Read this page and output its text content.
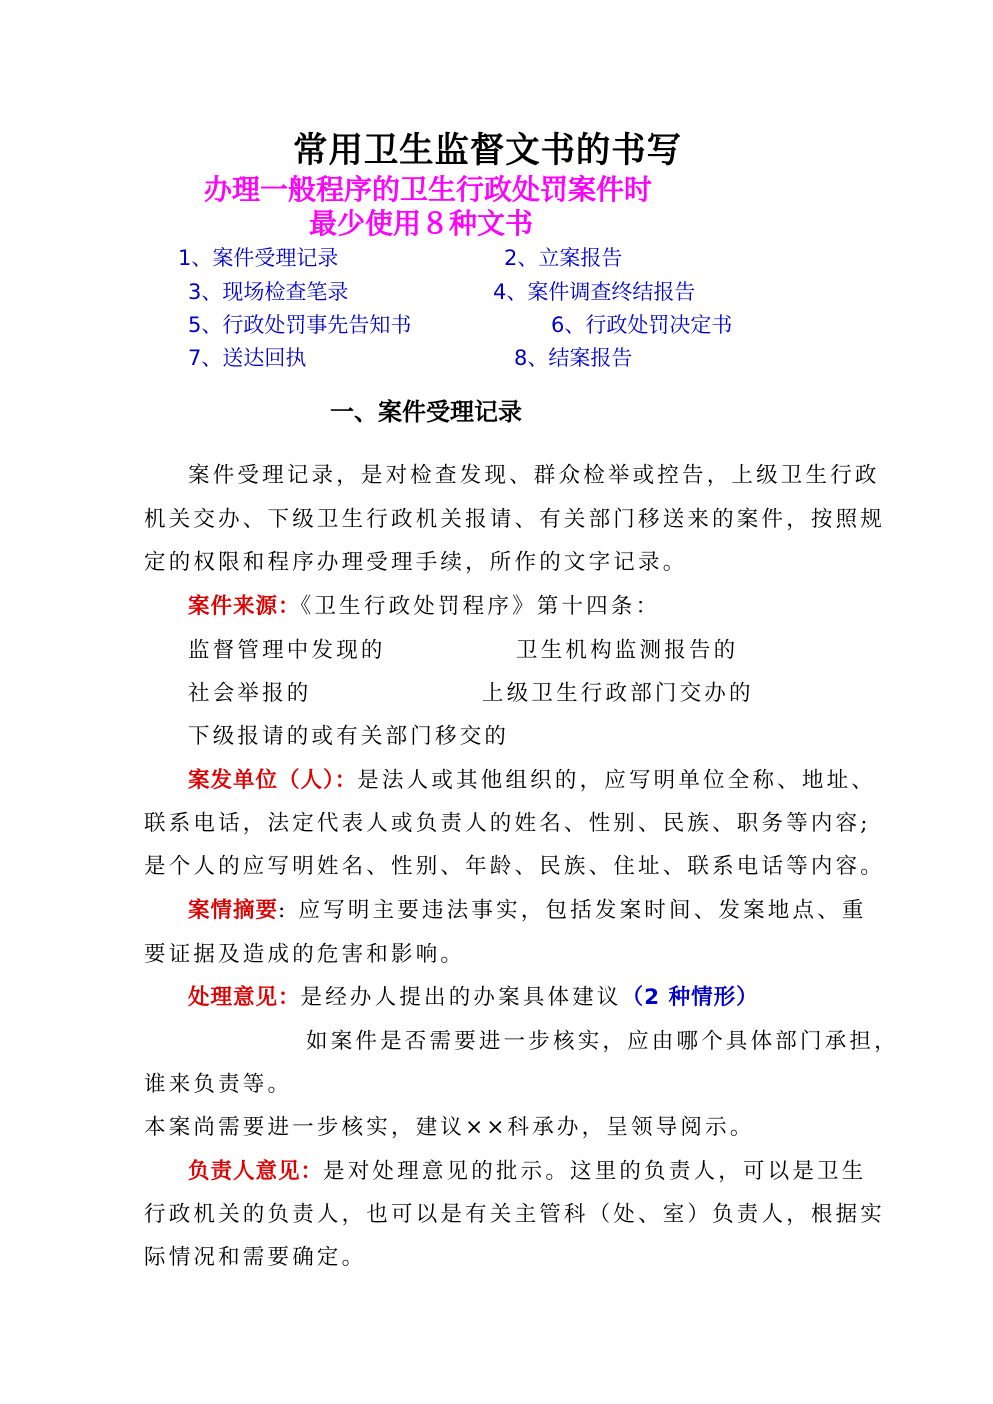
常用卫生监督文书的书写
办理一般程序的卫生行政处罚案件时
最少使用８种文书
1、案件受理记录	2、立案报告
3、现场检查笔录	4、案件调查终结报告
5、行政处罚事先告知书	6、行政处罚决定书
7、送达回执	8、结案报告
一、案件受理记录
案件受理记录，是对检查发现、群众检举或控告，上级卫生行政
机关交办、下级卫生行政机关报请、有关部门移送来的案件，按照规
定的权限和程序办理受理手续，所作的文字记录。
案件来源：《卫生行政处罚程序》第十四条：
监督管理中发现的	卫生机构监测报告的
社会举报的	上级卫生行政部门交办的
下级报请的或有关部门移交的
案发单位（人）：是法人或其他组织的，应写明单位全称、地址、
联系电话，法定代表人或负责人的姓名、性别、民族、职务等内容;
是个人的应写明姓名、性别、年龄、民族、住址、联系电话等内容。
案情摘要: 应写明主要违法事实，包括发案时间、发案地点、重
要证据及造成的危害和影响。
处理意见：是经办人提出的办案具体建议（2 种情形）
如案件是否需要进一步核实，应由哪个具体部门承担，
谁来负责等。
本案尚需要进一步核实，建议××科承办，呈领导阅示。
负责人意见：是对处理意见的批示。这里的负责人，可以是卫生
行政机关的负责人，也可以是有关主管科（处、室）负责人，根据实
际情况和需要确定。
